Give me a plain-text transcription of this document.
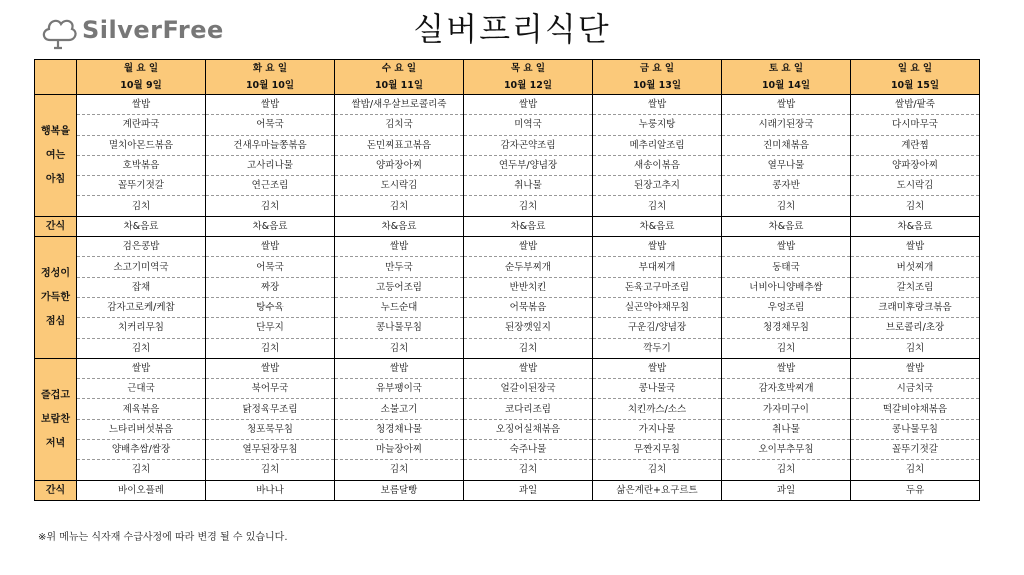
SilverFree	실버프리식단
	월 요 일	화 요 일	수 요 일	목 요 일	금 요 일	토 요 일	일 요 일
	10월 9일	10월 10일	10월 11일	10월 12일	10월 13일	10월 14일	10월 15일

행복을
여는
아침	쌀밥	쌀밥	쌀밥/새우살브로콜리죽	쌀밥	쌀밥	쌀밥	쌀밥/팥죽
	계란파국	어묵국	김치국	미역국	누룽지탕	시래기된장국	다시마무국
	멸치아몬드볶음	건새우마늘쫑볶음	돈민찌표고볶음	감자곤약조림	메추리알조림	진미채볶음	계란찜
	호박볶음	고사리나물	양파장아찌	연두부/양념장	새송이볶음	열무나물	양파장아찌
	꼴뚜기젓갈	연근조림	도시락김	취나물	된장고추지	콩자반	도시락김
	김치	김치	김치	김치	김치	김치	김치

간식	차&음료	차&음료	차&음료	차&음료	차&음료	차&음료	차&음료

정성이
가득한
점심	검은콩밥	쌀밥	쌀밥	쌀밥	쌀밥	쌀밥	쌀밥
	소고기미역국	어묵국	만두국	순두부찌개	부대찌개	동태국	버섯찌개
	잡채	짜장	고등어조림	반반치킨	돈육고구마조림	너비아니양배추쌈	갈치조림
	감자고로케/케찹	탕수육	누드순대	어묵볶음	실곤약야채무침	우엉조림	크래미후랑크볶음
	치커리무침	단무지	콩나물무침	된장깻잎지	구운김/양념장	청경채무침	브로콜리/초장
	김치	김치	김치	김치	깍두기	김치	김치

즐겁고
보람찬
저녁	쌀밥	쌀밥	쌀밥	쌀밥	쌀밥	쌀밥	쌀밥
	근대국	북어무국	유부팽이국	얼갈이된장국	콩나물국	감자호박찌개	시금치국
	제육볶음	닭정육무조림	소불고기	코다리조림	치킨까스/소스	가자미구이	떡갈비야채볶음
	느타리버섯볶음	청포묵무침	청경채나물	오징어실채볶음	가지나물	취나물	콩나물무침
	양배추쌈/쌈장	열무된장무침	마늘장아찌	숙주나물	무짠지무침	오이부추무침	꼴뚜기젓갈
	김치	김치	김치	김치	김치	김치	김치

간식	바이오플레	바나나	보름달빵	과일	삶은계란+요구르트	과일	두유
※위 메뉴는 식자재 수급사정에 따라 변경 될 수 있습니다.
